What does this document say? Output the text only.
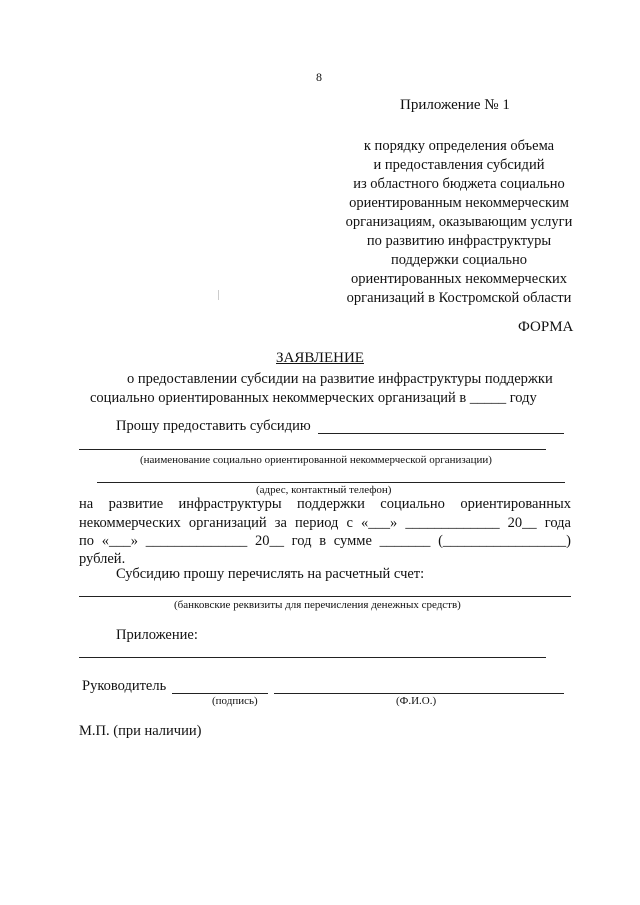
8
Приложение № 1
к порядку определения объема
и предоставления субсидий
из областного бюджета социально
ориентированным некоммерческим
организациям, оказывающим услуги
по развитию инфраструктуры
поддержки социально
ориентированных некоммерческих
организаций в Костромской области
ФОРМА
ЗАЯВЛЕНИЕ
о предоставлении субсидии на развитие инфраструктуры поддержки
социально ориентированных некоммерческих организаций в _____ году
Прошу предоставить субсидию
(наименование социально ориентированной некоммерческой организации)
(адрес, контактный телефон)
на развитие инфраструктуры поддержки социально ориентированных
некоммерческих организаций за период с «___» _____________ 20__ года
по «___» ______________ 20__ год в сумме _______ (_________________)
рублей.
Субсидию прошу перечислять на расчетный счет:
(банковские реквизиты для перечисления денежных средств)
Приложение:
Руководитель
(подпись)	(Ф.И.О.)
М.П. (при наличии)
